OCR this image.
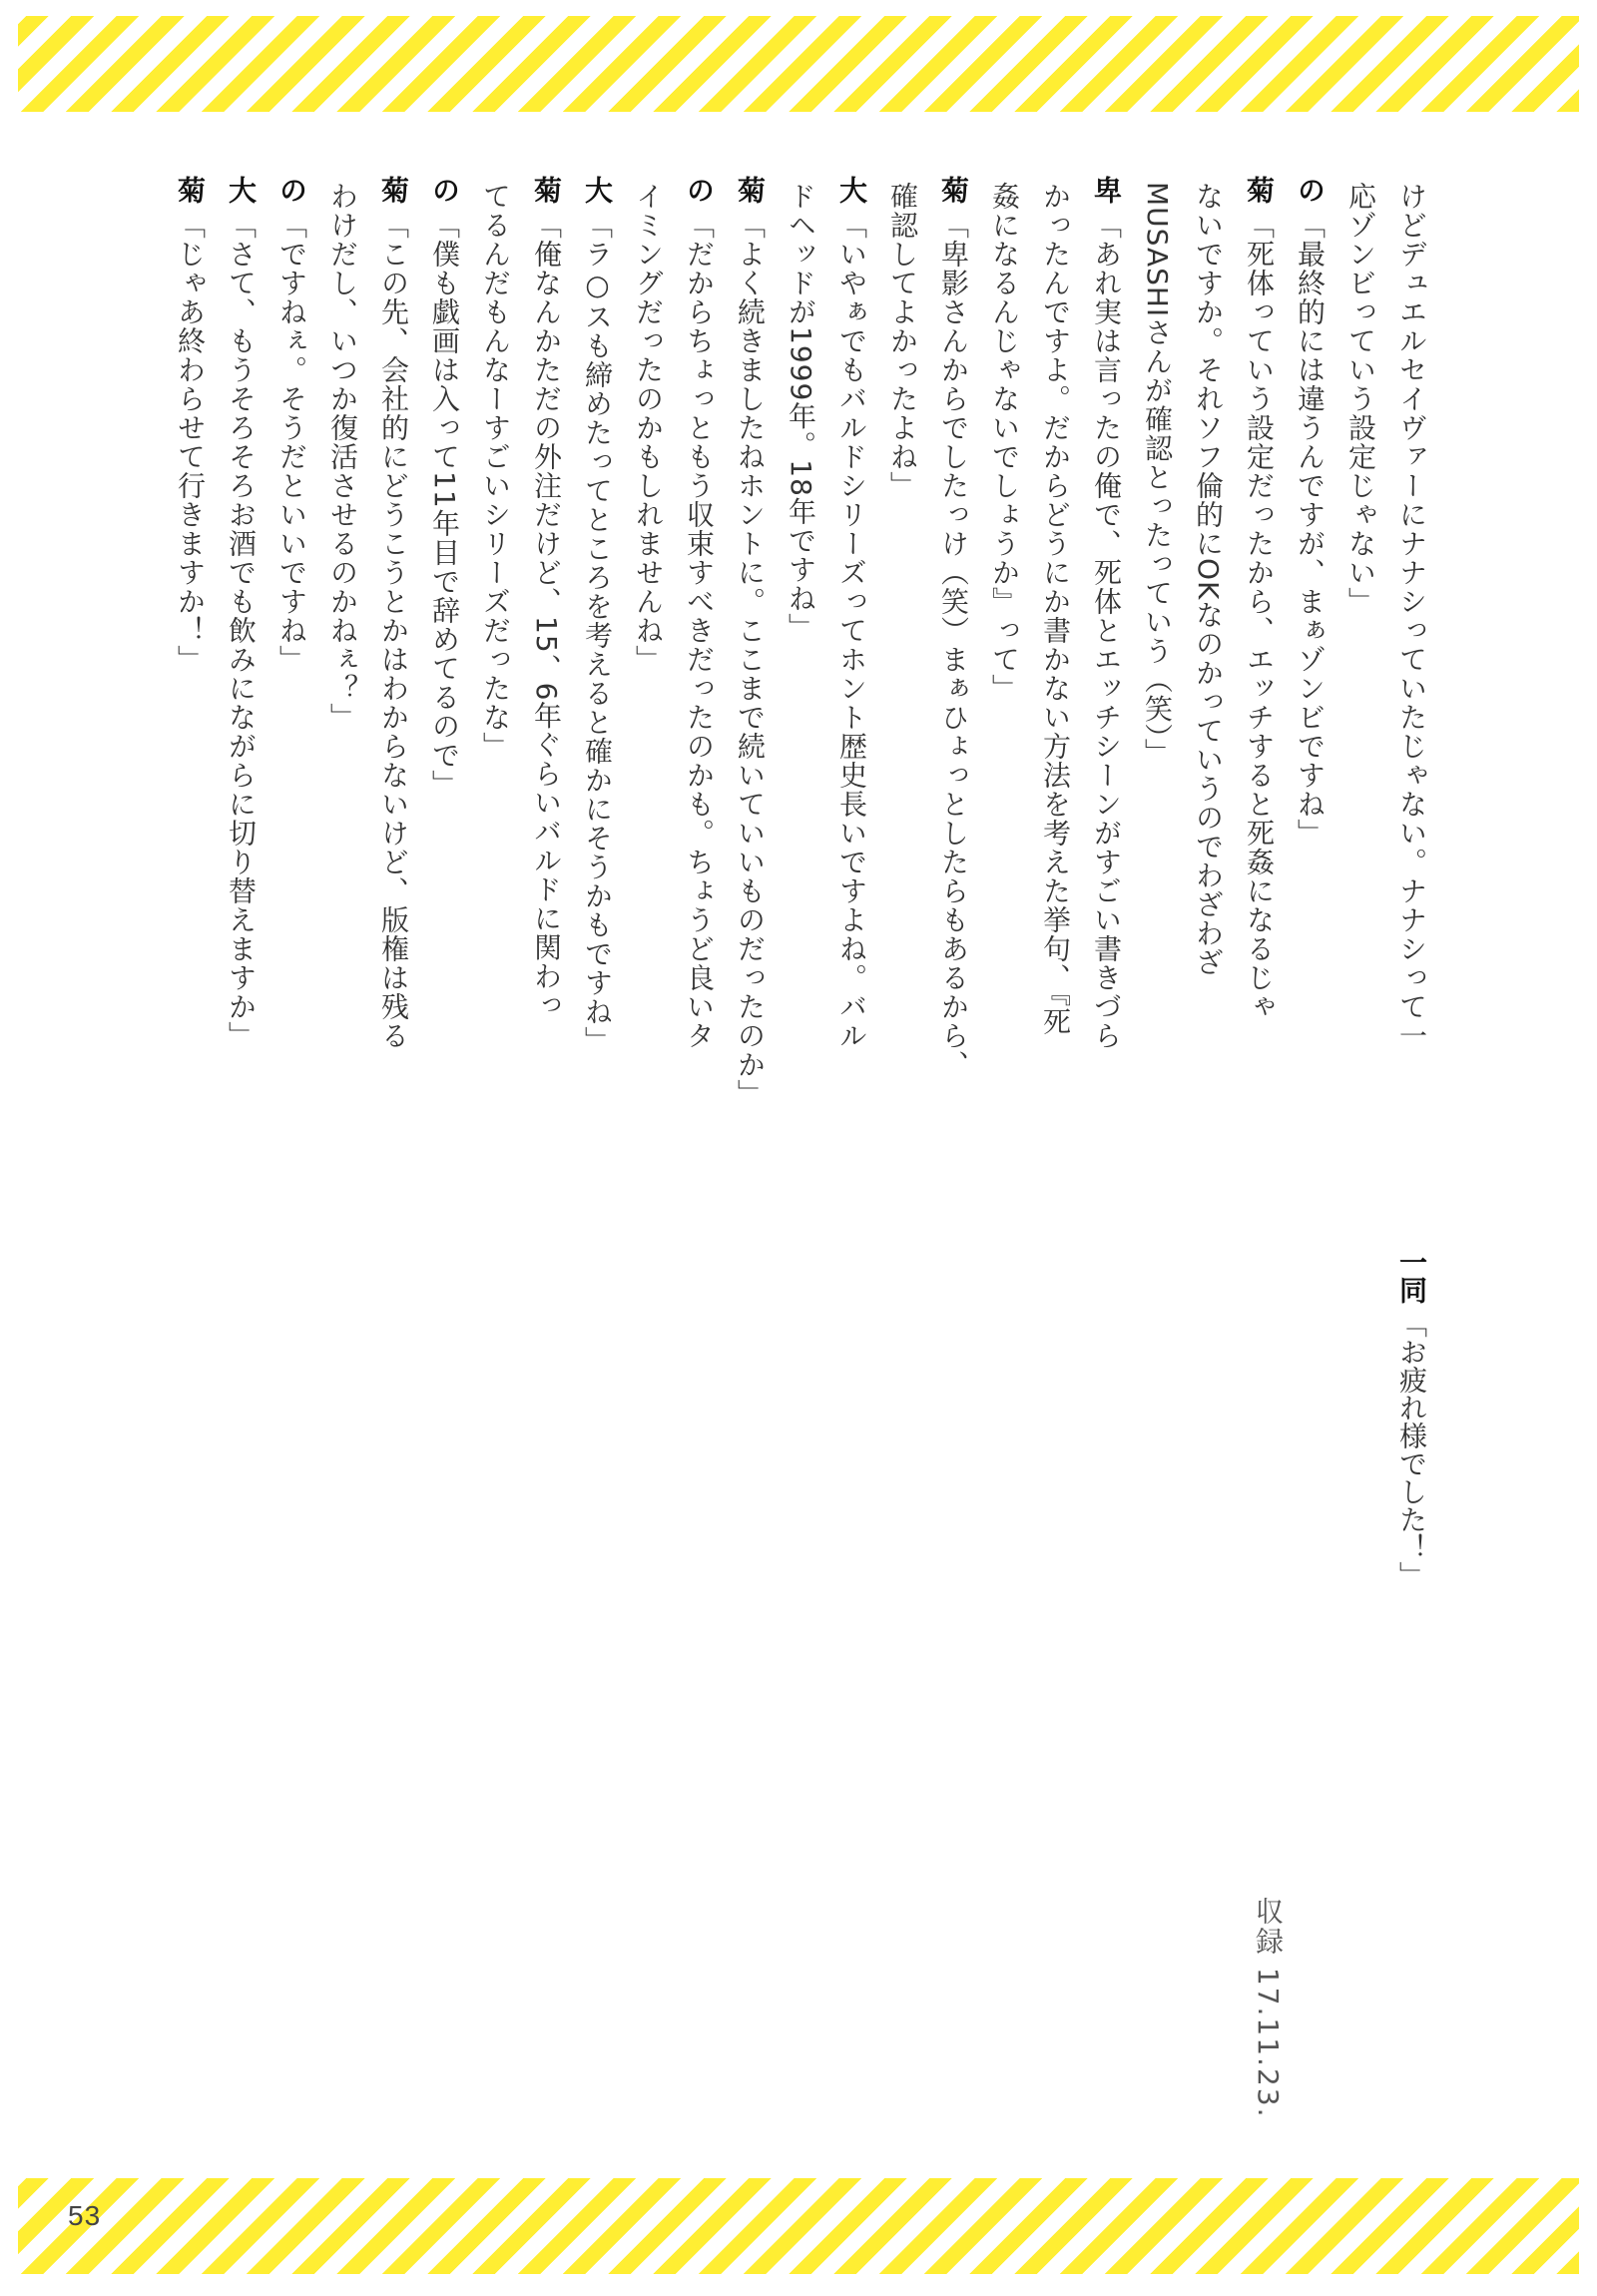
けどデュエルセイヴァーにナナシっていたじゃない。ナナシって一
応ゾンビっていう設定じゃない」
の「最終的には違うんですが、まぁゾンビですね」
菊「死体っていう設定だったから、エッチすると死姦になるじゃ
ないですか。それソフ倫的にOKなのかっていうのでわざわざ
MUSASHIさんが確認とったっていう（笑）」
卑「あれ実は言ったの俺で、死体とエッチシーンがすごい書きづら
かったんですよ。だからどうにか書かない方法を考えた挙句、『死
姦になるんじゃないでしょうか』って」
菊「卑影さんからでしたっけ（笑）まぁひょっとしたらもあるから、
確認してよかったよね」
大「いやぁでもバルドシリーズってホント歴史長いですよね。バル
ドヘッドが1999年。18年ですね」
菊「よく続きましたねホントに。ここまで続いていいものだったのか」
の「だからちょっともう収束すべきだったのかも。ちょうど良いタ
イミングだったのかもしれませんね」
大「ラ○スも締めたってところを考えると確かにそうかもですね」
菊「俺なんかただの外注だけど、15、6年ぐらいバルドに関わっ
てるんだもんなーすごいシリーズだったな」
の「僕も戯画は入って11年目で辞めてるので」
菊「この先、会社的にどうこうとかはわからないけど、版権は残る
わけだし、いつか復活させるのかねぇ？」
の「ですねぇ。そうだといいですね」
大「さて、もうそろそろお酒でも飲みにながらに切り替えますか」
菊「じゃあ終わらせて行きますか！」
一同「お疲れ様でした！」
収録 17.11.23.
53
